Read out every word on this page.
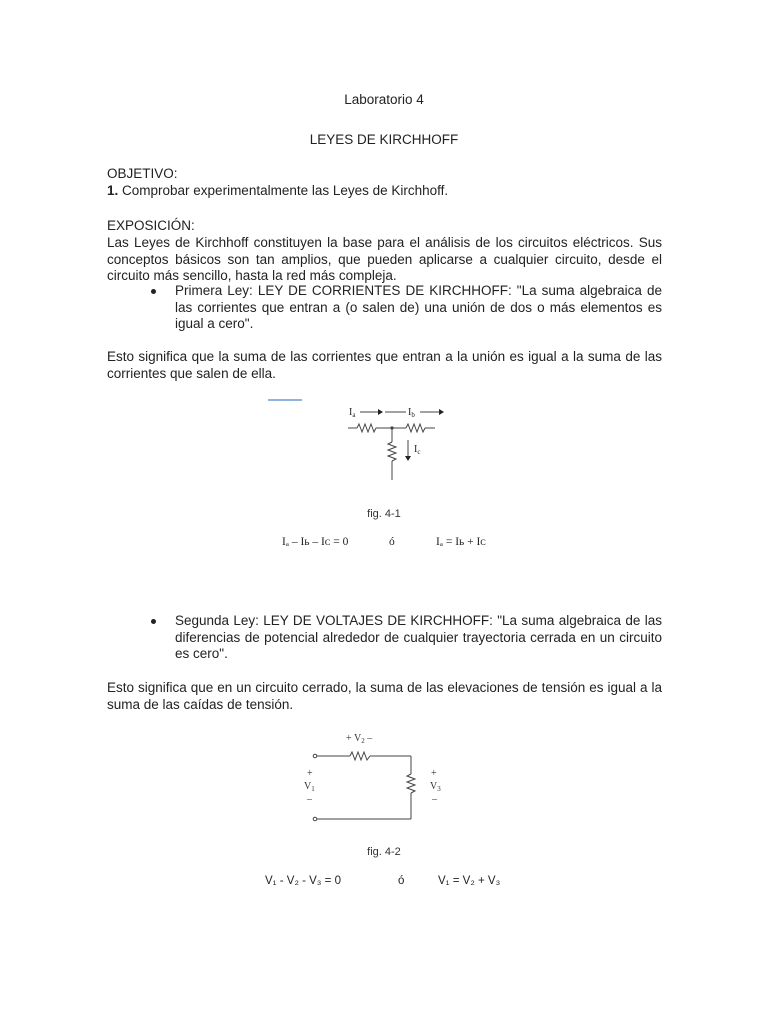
Laboratorio 4
LEYES DE KIRCHHOFF
OBJETIVO:
1. Comprobar experimentalmente las Leyes de Kirchhoff.
EXPOSICIÓN:
Las Leyes de Kirchhoff constituyen la base para el análisis de los circuitos eléctricos. Sus conceptos básicos son tan amplios, que pueden aplicarse a cualquier circuito, desde el circuito más sencillo, hasta la red más compleja.
Primera Ley: LEY DE CORRIENTES DE KIRCHHOFF: "La suma algebraica de las corrientes que entran a (o salen de) una unión de dos o más elementos es igual a cero".
Esto significa que la suma de las corrientes que entran a la unión es igual a la suma de las corrientes que salen de ella.
$I_a$	$I_b$
$I_c$
fig. 4-1
Iₐ – Iь – Iᴄ = 0	ó	Iₐ = Iь + Iᴄ
Segunda Ley: LEY DE VOLTAJES DE KIRCHHOFF: "La suma algebraica de las diferencias de potencial alrededor de cualquier trayectoria cerrada en un circuito es cero".
Esto significa que en un circuito cerrado, la suma de las elevaciones de tensión es igual a la suma de las caídas de tensión.
+ $V_2$ –
+
$V_1$
–
+
$V_3$
–
fig. 4-2
V₁ - V₂ - V₃ = 0	ó	V₁ = V₂ + V₃
